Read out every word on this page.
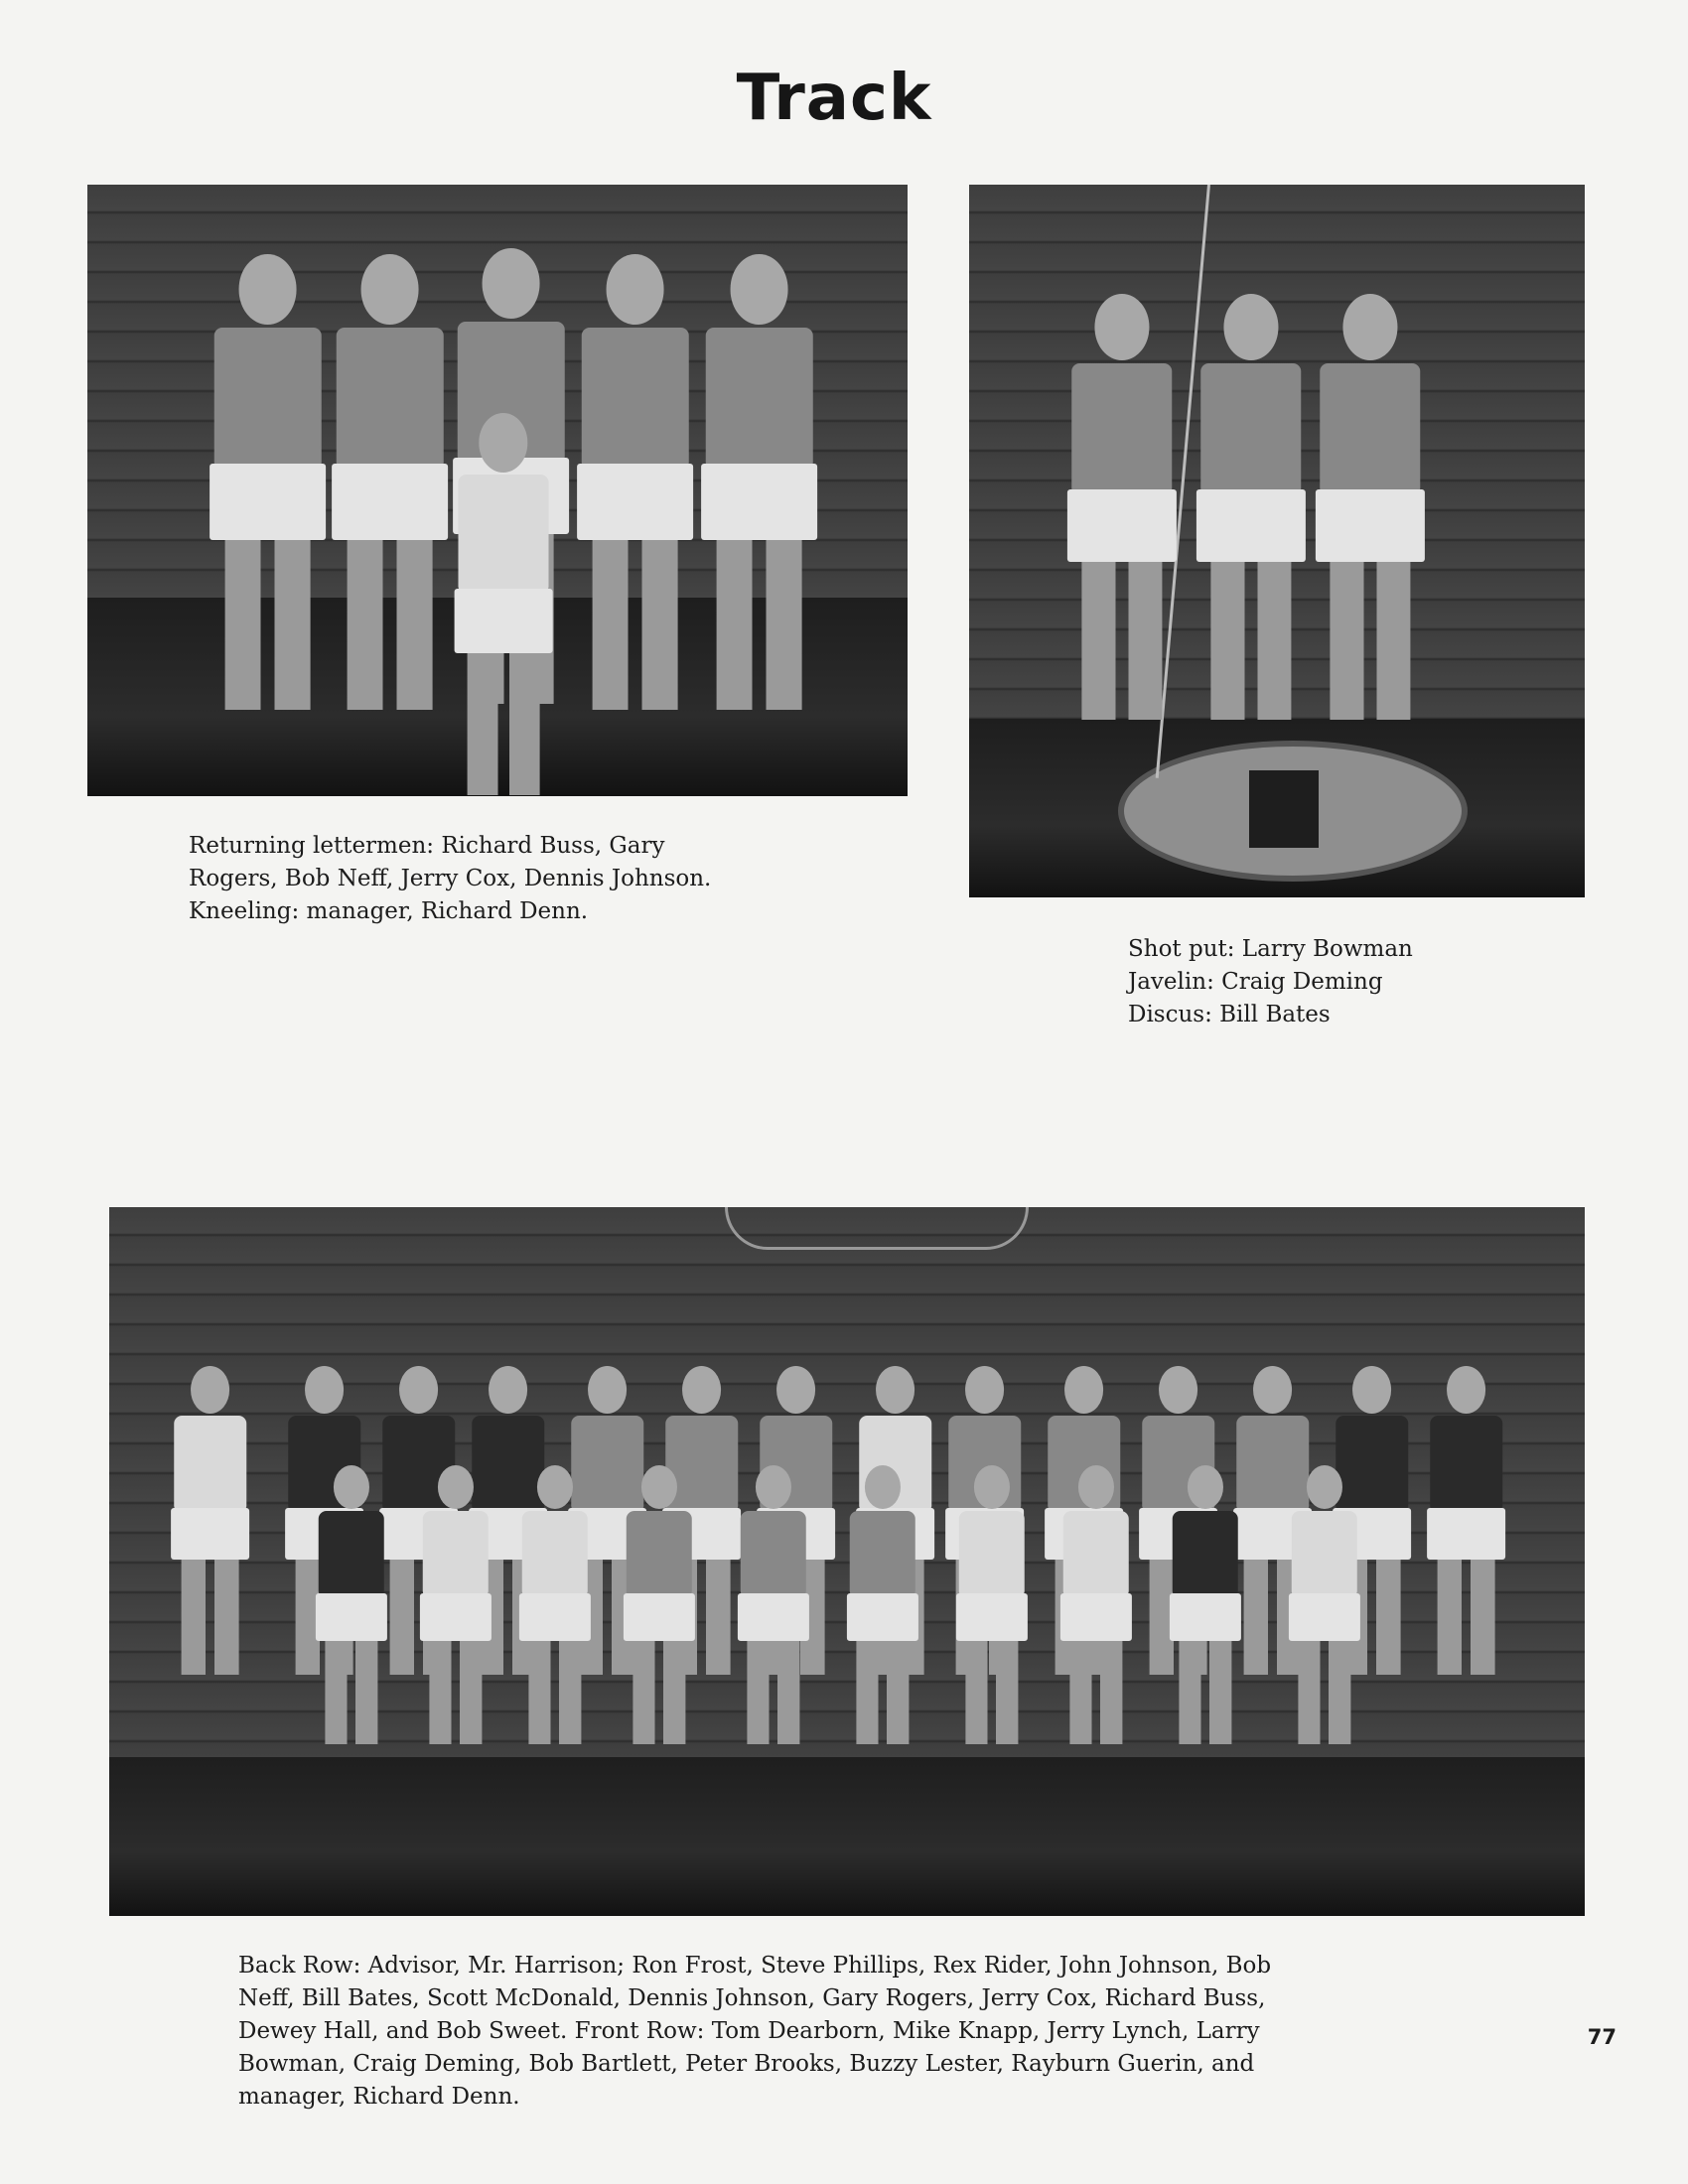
Track
Returning lettermen: Richard Buss, Gary
Rogers, Bob Neff, Jerry Cox, Dennis Johnson.
Kneeling: manager, Richard Denn.
Shot put: Larry Bowman
Javelin: Craig Deming
Discus: Bill Bates
Back Row: Advisor, Mr. Harrison; Ron Frost, Steve Phillips, Rex Rider, John Johnson, Bob
Neff, Bill Bates, Scott McDonald, Dennis Johnson, Gary Rogers, Jerry Cox, Richard Buss,
Dewey Hall, and Bob Sweet. Front Row: Tom Dearborn, Mike Knapp, Jerry Lynch, Larry
Bowman, Craig Deming, Bob Bartlett, Peter Brooks, Buzzy Lester, Rayburn Guerin, and
manager, Richard Denn.
77
